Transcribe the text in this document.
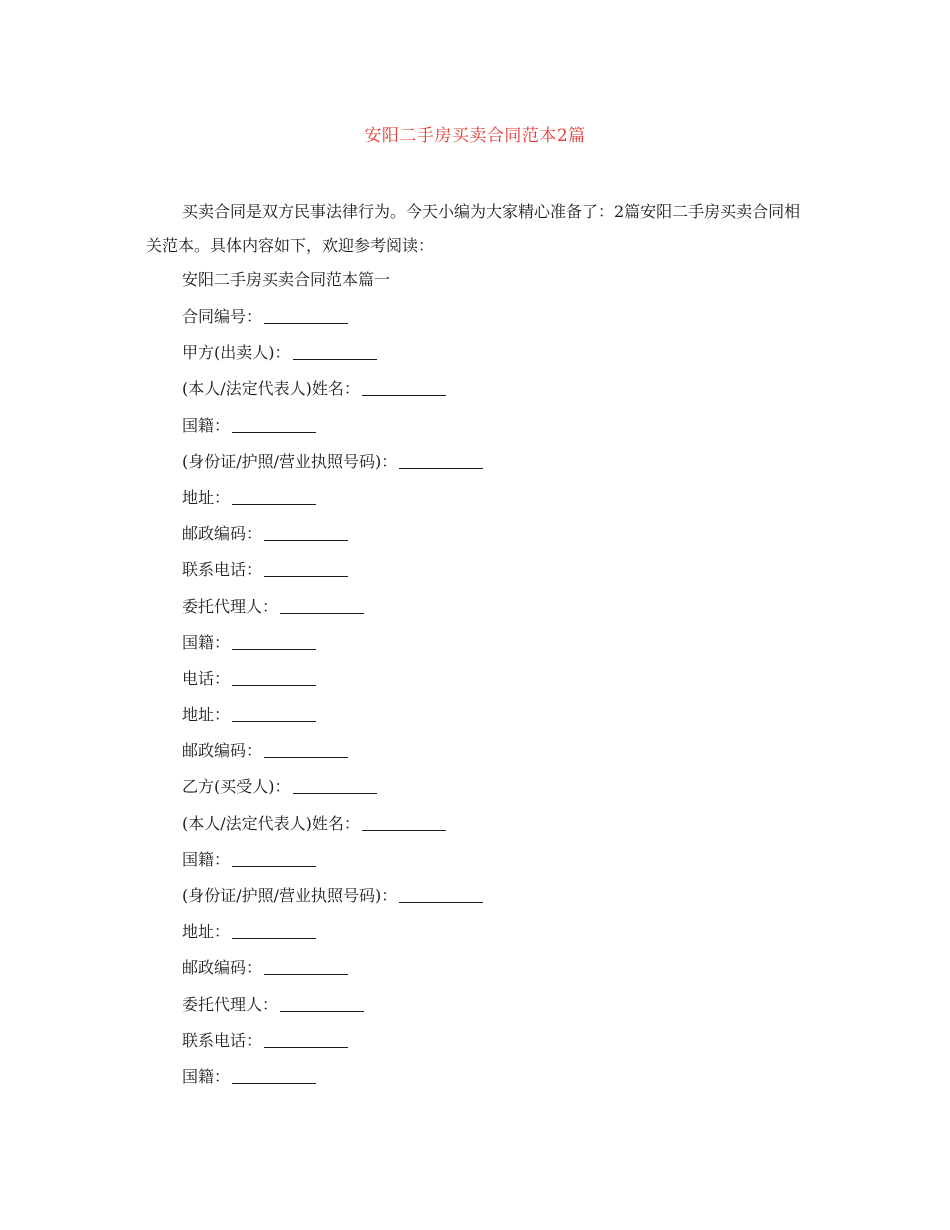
安阳二手房买卖合同范本2篇

买卖合同是双方民事法律行为。今天小编为大家精心准备了：2篇安阳二手房买卖合同相关范本。具体内容如下，欢迎参考阅读：

安阳二手房买卖合同范本篇一

合同编号：
甲方(出卖人)：
(本人/法定代表人)姓名：
国籍：
(身份证/护照/营业执照号码)：
地址：
邮政编码：
联系电话：
委托代理人：
国籍：
电话：
地址：
邮政编码：
乙方(买受人)：
(本人/法定代表人)姓名：
国籍：
(身份证/护照/营业执照号码)：
地址：
邮政编码：
委托代理人：
联系电话：
国籍：
